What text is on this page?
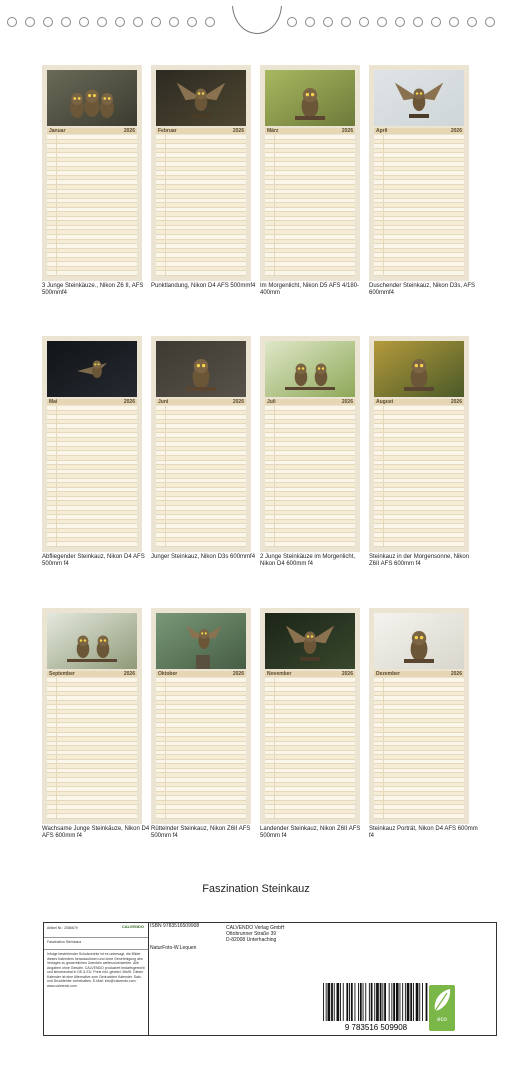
Januar	2026
3 Junge Steinkäuze., Nikon Z6 II, AFS 500mmf4
Februar	2026
Punktlandung, Nikon D4 AFS 500mmf4
März	2026
Im Morgenlicht, Nikon D5 AFS 4/180-400mm
April	2026
Duschender Steinkauz, Nikon D3s, AFS 600mmf4
Mai	2026
Abfliegender Steinkauz, Nikon D4 AFS 500mm f4
Juni	2026
Junger Steinkauz, Nikon D3s 600mmf4
Juli	2026
2 Junge Steinkäuze im Morgenlicht, Nikon D4 600mm f4
August	2026
Steinkauz in der Morgensonne, Nikon Z6II AFS 600mm f4
September	2026
Wachsame Junge Steinkäuze, Nikon D4 AFS 600mm f4
Oktober	2026
Rüttelnder Steinkauz, Nikon Z6II AFS 500mm f4
November	2026
Landender Steinkauz, Nikon Z6II AFS 500mm f4
Dezember	2026
Steinkauz Porträt, Nikon D4 AFS 600mm f4
Faszination Steinkauz
Artikel Nr.: 2086679	CALVENDO
Faszination Steinkauz
Infolge bestehender Schutzrechte ist es untersagt, die Bilder dieses Kalenders herauszulösen und ohne Genehmigung des Verlages zu gewerblichen Zwecken weiterzuverwerten. Alle Angaben ohne Gewähr. CALVENDO produziert bedarfsgerecht und klimaneutral in DE & EU. Preis inkl. gesetzl. MwSt. Dieser Kalender ist eine Alternative zum Gedruckten Kalender. Satz- und Druckfehler vorbehalten. E-Mail: info@calvendo.com · www.calvendo.com
ISBN 9783516509908
NaturFoto-W.Lequen
CALVENDO Verlag GmbH
Ottobrunner Straße 39
D-82008 Unterhaching
9 783516 509908
eco
